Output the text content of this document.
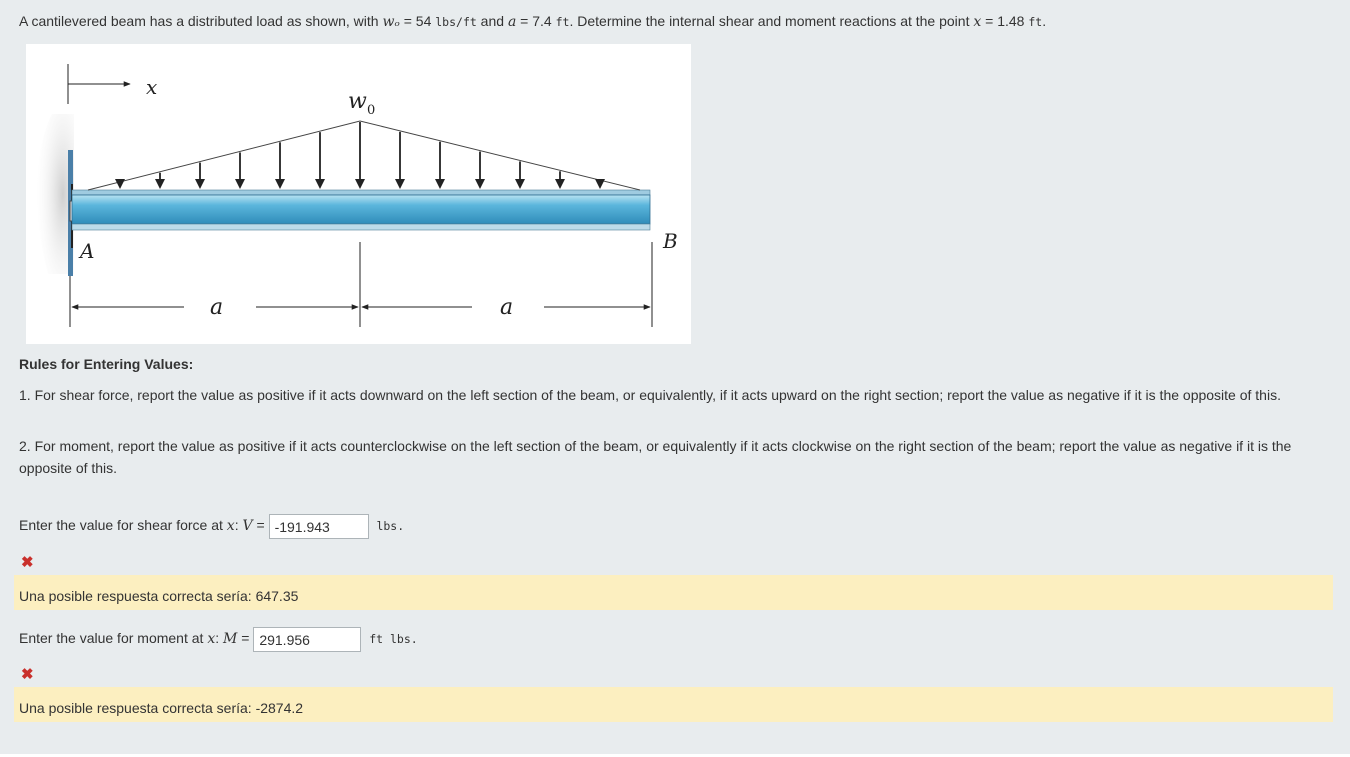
A cantilevered beam has a distributed load as shown, with wₒ = 54 lbs/ft and a = 7.4 ft. Determine the internal shear and moment reactions at the point x = 1.48 ft.
x
w 0
A	B
a	a
Rules for Entering Values:
1. For shear force, report the value as positive if it acts downward on the left section of the beam, or equivalently, if it acts upward on the right section; report the value as negative if it is the opposite of this.
2. For moment, report the value as positive if it acts counterclockwise on the left section of the beam, or equivalently if it acts clockwise on the right section of the beam; report the value as negative if it is the opposite of this.
Enter the value for shear force at x: V = -191.943	lbs.
✖
Una posible respuesta correcta sería: 647.35
Enter the value for moment at x: M = 291.956	ft lbs.
✖
Una posible respuesta correcta sería: -2874.2
